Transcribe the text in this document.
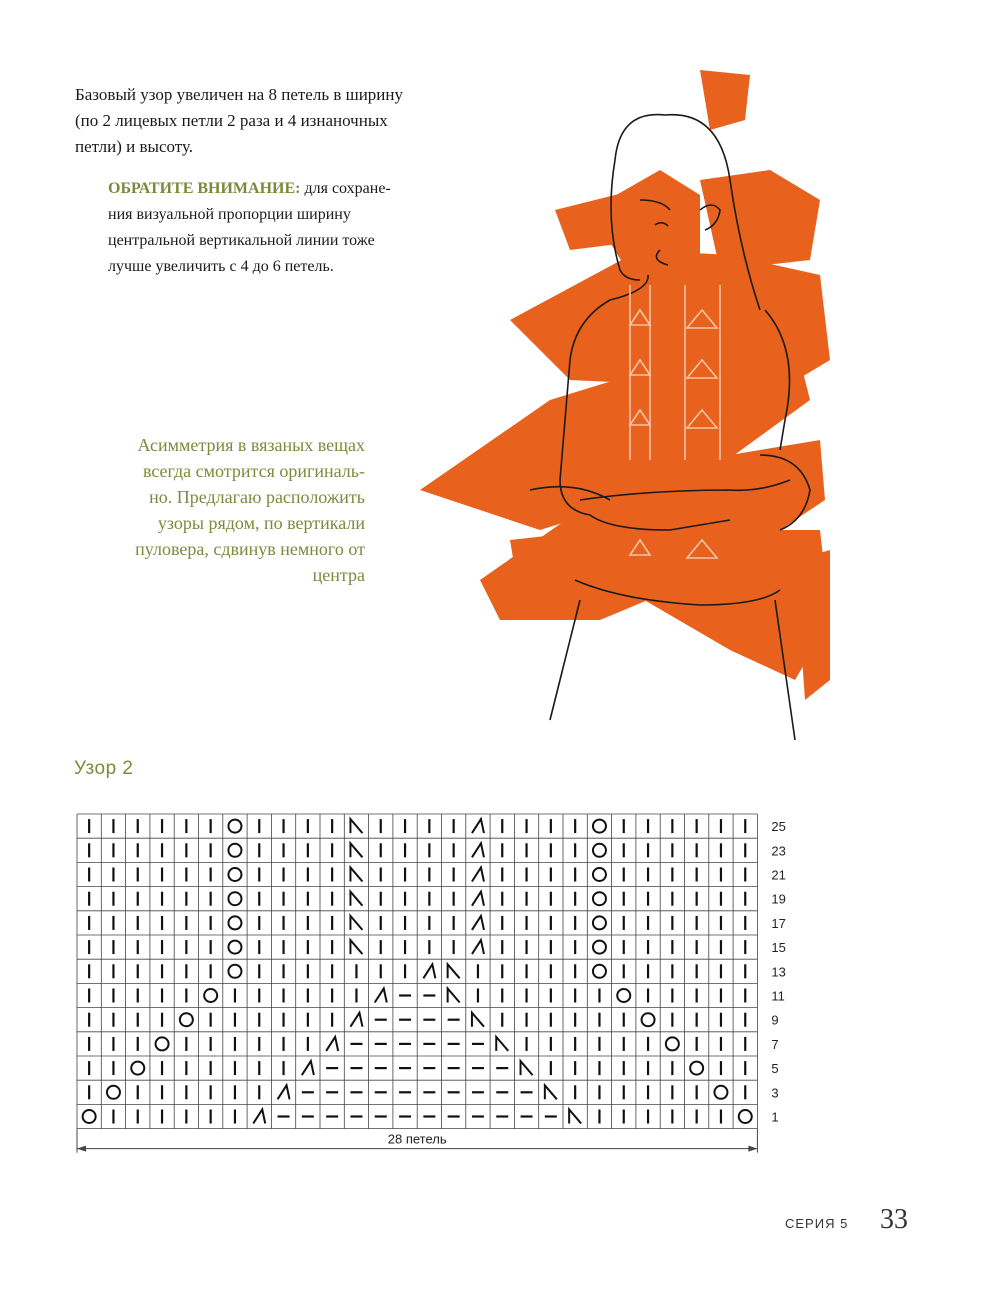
Базовый узор увеличен на 8 петель в ширину
(по 2 лицевых петли 2 раза и 4 изнаночных
петли) и высоту.
ОБРАТИТЕ ВНИМАНИЕ: для сохране-
ния визуальной пропорции ширину
центральной вертикальной линии тоже
лучше увеличить с 4 до 6 петель.
Асимметрия в вязаных вещах
всегда смотрится оригиналь-
но. Предлагаю расположить
узоры рядом, по вертикали
пуловера, сдвинув немного от
центра
Узор 2
25
23
21
19
17
15
13
11
9
7
5
3
1
28 петель
СЕРИЯ 5 33
